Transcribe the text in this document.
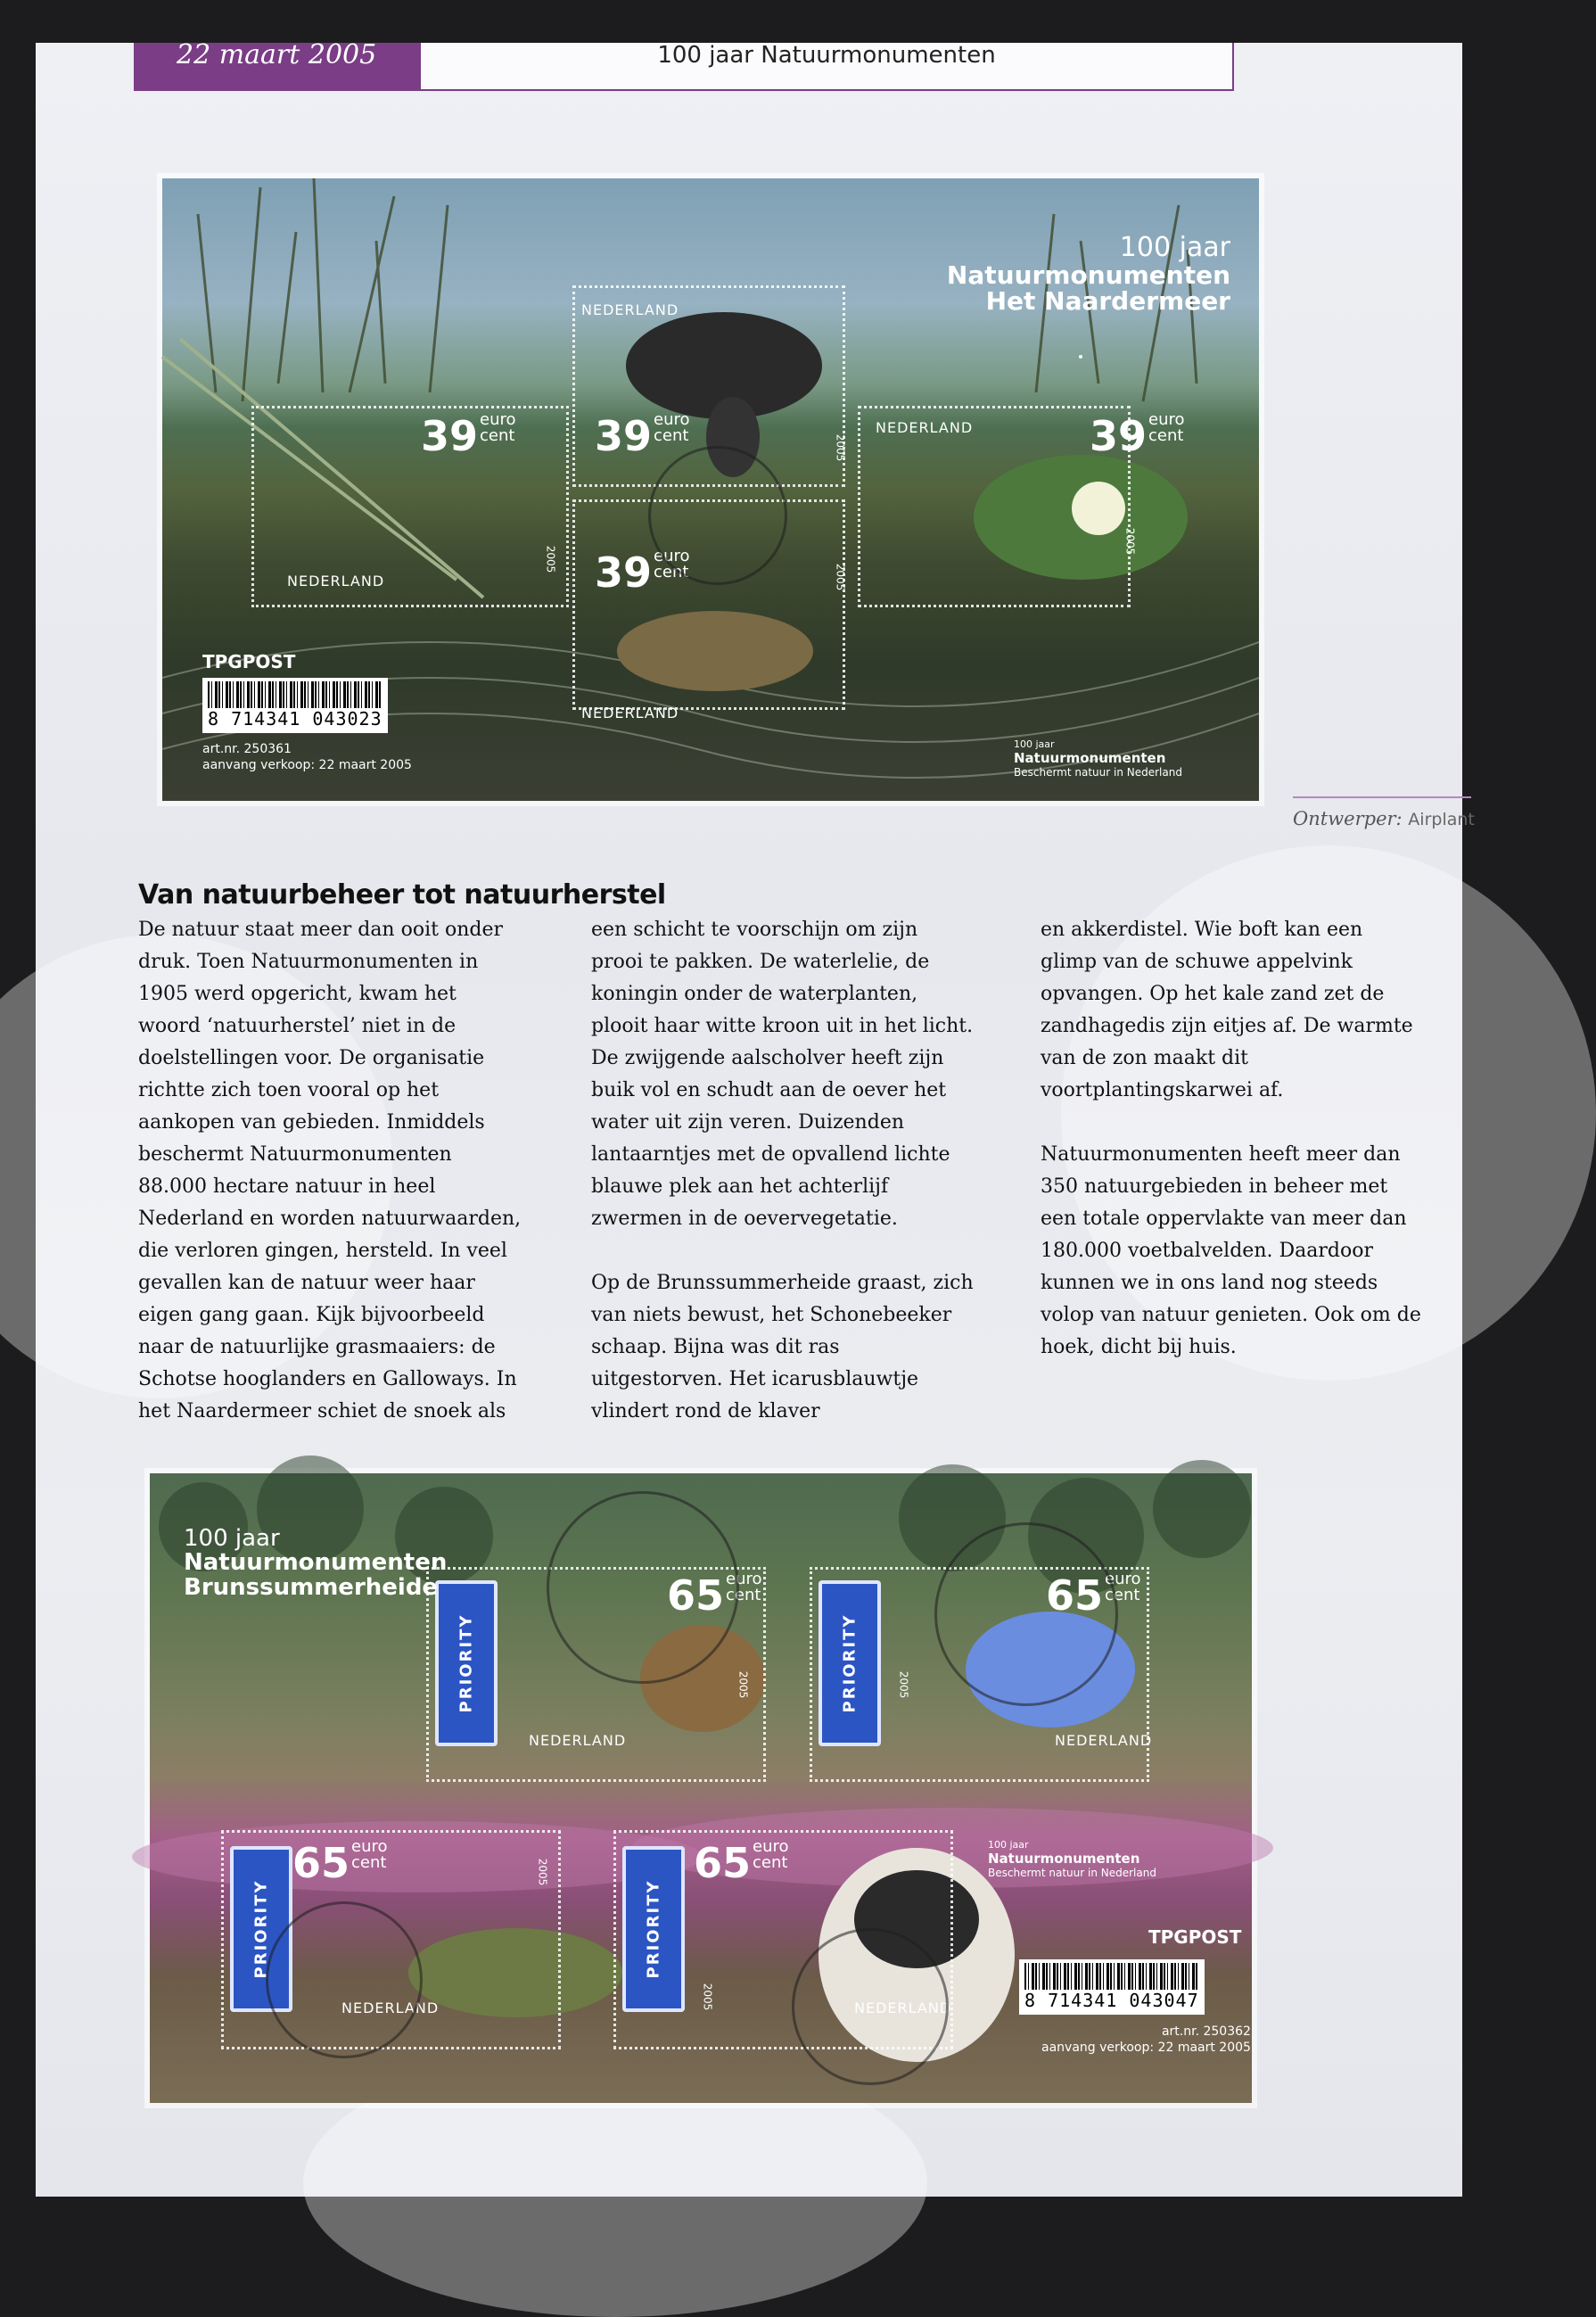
22 maart 2005	100 jaar Natuurmonumenten
39 euro
cent 39 euro
cent	39 euro
cent
39 euro
cent
NEDERLAND
NEDERLAND
NEDERLAND
NEDERLAND
2005
2005
2005
2005
100 jaar
Natuurmonumenten
Het Naardermeer
TPGPOST
8 714341 043023
art.nr. 250361
aanvang verkoop: 22 maart 2005
100 jaar
Natuurmonumenten
Beschermt natuur in Nederland
Ontwerper: Airplant
Van natuurbeheer tot natuurherstel

De natuur staat meer dan ooit onder druk. Toen Natuurmonumenten in 1905 werd opgericht, kwam het woord ‘natuurherstel’ niet in de doelstellingen voor. De organisatie richtte zich toen vooral op het aankopen van gebieden. Inmiddels beschermt Natuurmonumenten 88.000 hectare natuur in heel Nederland en worden natuurwaarden, die verloren gingen, hersteld. In veel gevallen kan de natuur weer haar eigen gang gaan. Kijk bijvoorbeeld naar de natuurlijke grasmaaiers: de Schotse hooglanders en Galloways. In het Naardermeer schiet de snoek als

een schicht te voorschijn om zijn prooi te pakken. De waterlelie, de koningin onder de waterplanten, plooit haar witte kroon uit in het licht. De zwijgende aalscholver heeft zijn buik vol en schudt aan de oever het water uit zijn veren. Duizenden lantaarntjes met de opvallend lichte blauwe plek aan het achterlijf zwermen in de oevervegetatie.

Op de Brunssummerheide graast, zich van niets bewust, het Schonebeeker schaap. Bijna was dit ras uitgestorven. Het icarusblauwtje vlindert rond de klaver

en akkerdistel. Wie boft kan een glimp van de schuwe appelvink opvangen. Op het kale zand zet de zandhagedis zijn eitjes af. De warmte van de zon maakt dit voortplantingskarwei af.

Natuurmonumenten heeft meer dan 350 natuurgebieden in beheer met een totale oppervlakte van meer dan 180.000 voetbalvelden. Daardoor kunnen we in ons land nog steeds volop van natuur genieten. Ook om de hoek, dicht bij huis.

PRIORITY	PRIORITY
PRIORITY	PRIORITY
65 euro
cent	65 euro
cent
65 euro
cent	65 euro
cent
NEDERLAND	NEDERLAND
NEDERLAND	NEDERLAND
2005	2005
2005
2005
100 jaar
Natuurmonumenten
Brunssummerheide
100 jaar
Natuurmonumenten
Beschermt natuur in Nederland
TPGPOST
8 714341 043047
art.nr. 250362
aanvang verkoop: 22 maart 2005
